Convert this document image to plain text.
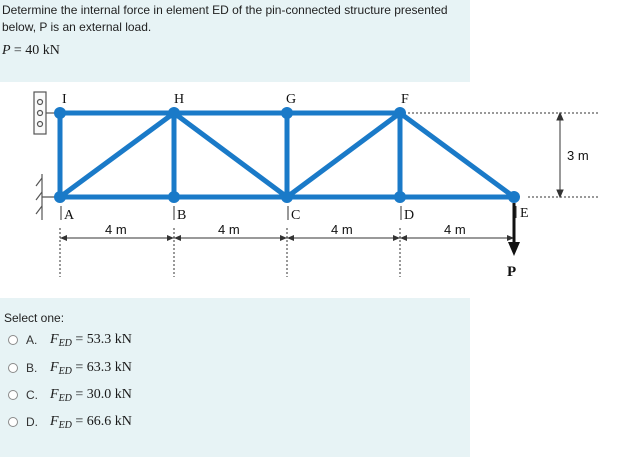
Determine the internal force in element ED of the pin-connected structure presented
below, P is an external load.
P = 40 kN
I	H	G	F
A	B	C	D	E
4 m	4 m	4 m	4 m
3 m
P
Select one:
A. $F_{ED} = 53.3$ kN
B. $F_{ED} = 63.3$ kN
C. $F_{ED} = 30.0$ kN
D. $F_{ED} = 66.6$ kN
